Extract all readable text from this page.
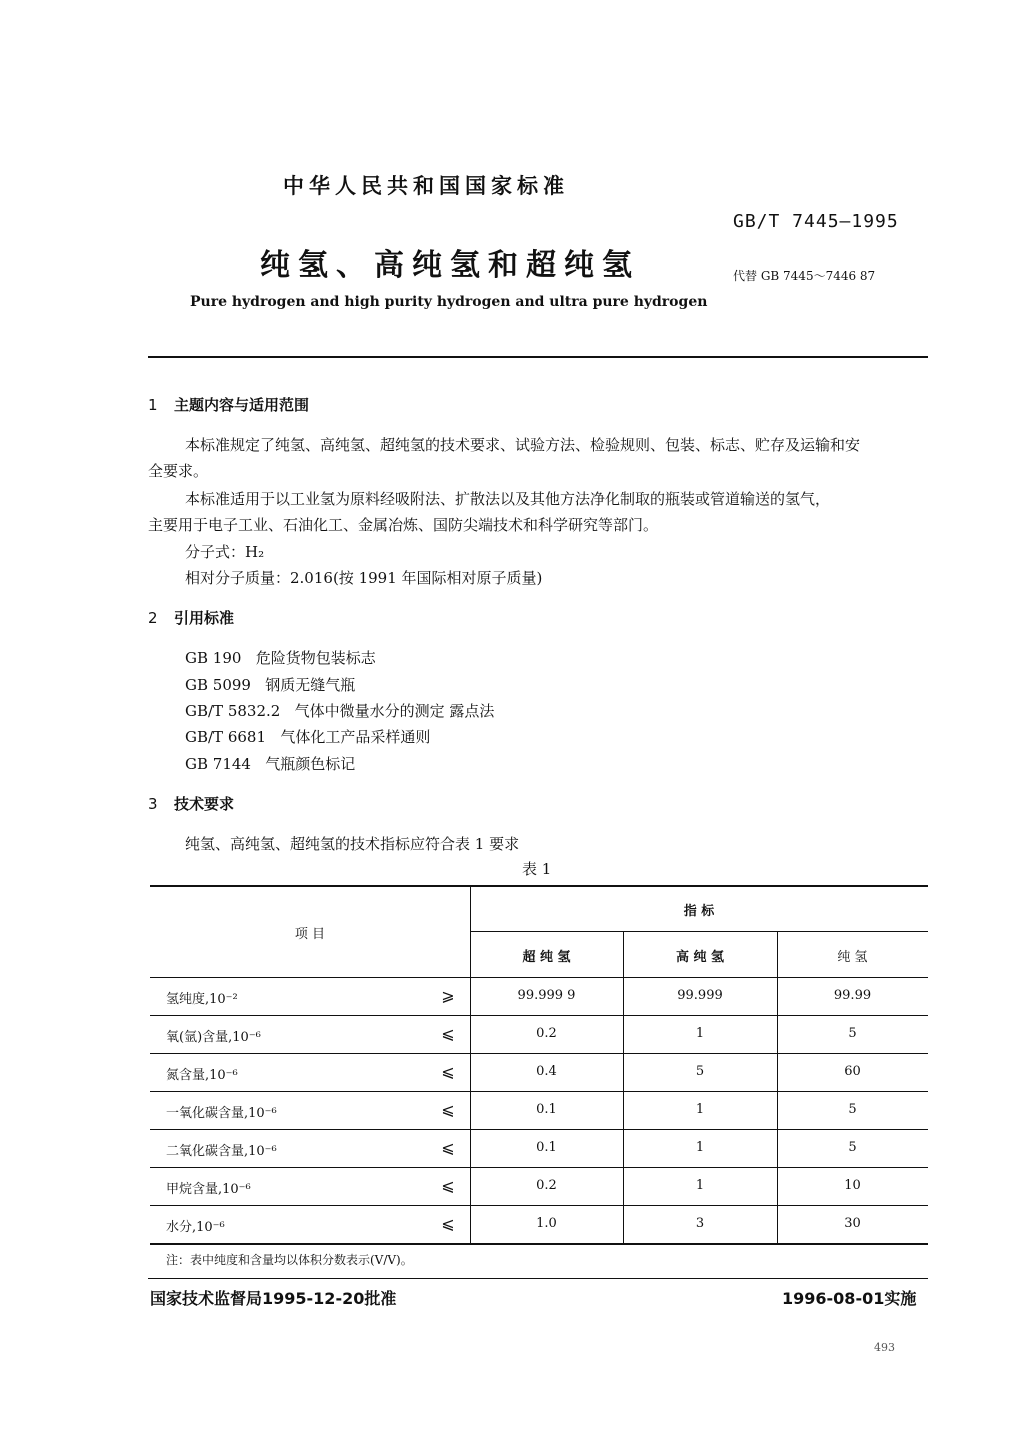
中华人民共和国国家标准
GB/T 7445—1995
纯氢、高纯氢和超纯氢	代替 GB 7445～7446 87
Pure hydrogen and high purity hydrogen and ultra pure hydrogen
1 主题内容与适用范围
本标准规定了纯氢、高纯氢、超纯氢的技术要求、试验方法、检验规则、包装、标志、贮存及运输和安
全要求。
本标准适用于以工业氢为原料经吸附法、扩散法以及其他方法净化制取的瓶装或管道输送的氢气，
主要用于电子工业、石油化工、金属冶炼、国防尖端技术和科学研究等部门。
分子式：H₂
相对分子质量：2.016(按 1991 年国际相对原子质量)
2 引用标准
GB 190 危险货物包装标志
GB 5099 钢质无缝气瓶
GB/T 5832.2 气体中微量水分的测定 露点法
GB/T 6681 气体化工产品采样通则
GB 7144 气瓶颜色标记
3 技术要求
纯氢、高纯氢、超纯氢的技术指标应符合表 1 要求
表 1
项 目
指 标
超 纯 氢	高 纯 氢	纯 氢
氢纯度,10⁻²	⩾	99.999 9	99.999	99.99
氧(氩)含量,10⁻⁶	⩽	0.2	1	5
氮含量,10⁻⁶	⩽	0.4	5	60
一氧化碳含量,10⁻⁶	⩽	0.1	1	5
二氧化碳含量,10⁻⁶	⩽	0.1	1	5
甲烷含量,10⁻⁶	⩽	0.2	1	10
水分,10⁻⁶	⩽	1.0	3	30
注：表中纯度和含量均以体积分数表示(V/V)。
国家技术监督局1995-12-20批准	1996-08-01实施
493
